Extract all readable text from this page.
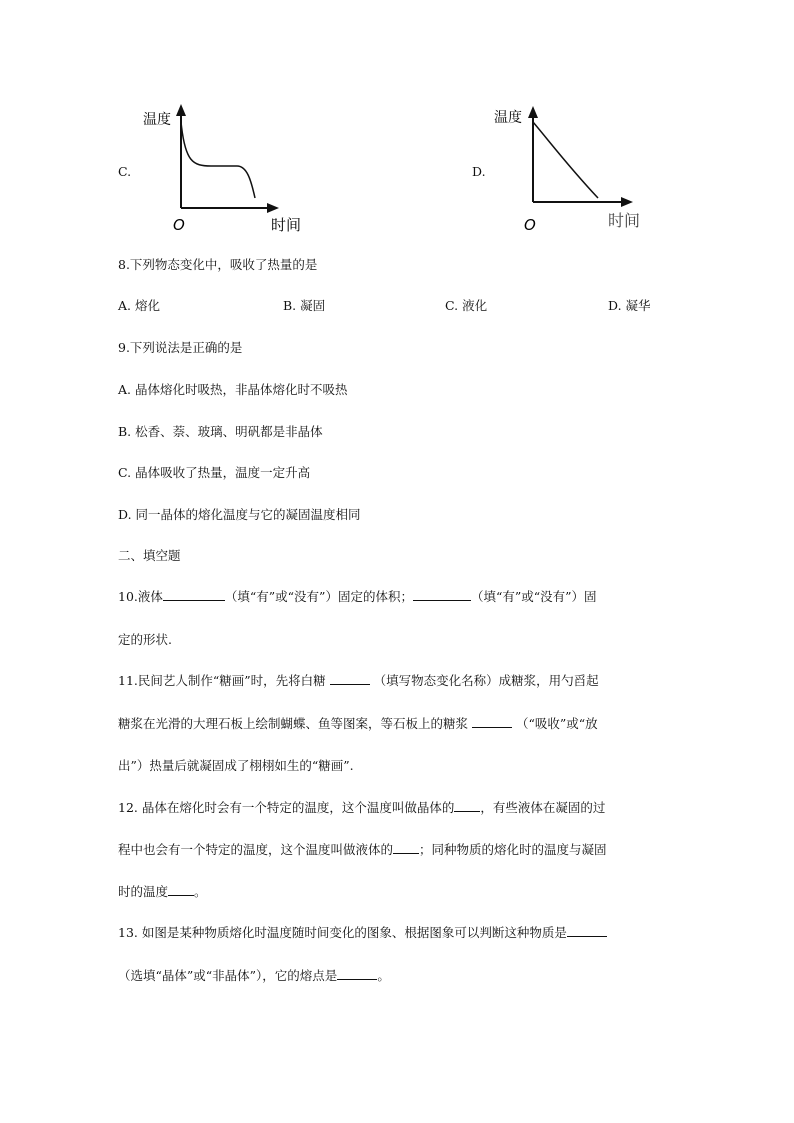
C.
温度
O	时间
D.
温度
O	时间
8.下列物态变化中，吸收了热量的是
A. 熔化	B. 凝固	C. 液化	D. 凝华
9.下列说法是正确的是
A. 晶体熔化时吸热，非晶体熔化时不吸热
B. 松香、萘、玻璃、明矾都是非晶体
C. 晶体吸收了热量，温度一定升高
D. 同一晶体的熔化温度与它的凝固温度相同
二、填空题
10.液体	（填“有”或“没有”）固定的体积；	（填“有”或“没有”）固
定的形状.
11.民间艺人制作“糖画”时，先将白糖	（填写物态变化名称）成糖浆，用勺舀起
糖浆在光滑的大理石板上绘制蝴蝶、鱼等图案，等石板上的糖浆	（“吸收”或“放
出”）热量后就凝固成了栩栩如生的“糖画”.
12. 晶体在熔化时会有一个特定的温度，这个温度叫做晶体的 ，有些液体在凝固的过
程中也会有一个特定的温度，这个温度叫做液体的 ；同种物质的熔化时的温度与凝固
时的温度 。
13. 如图是某种物质熔化时温度随时间变化的图象、根据图象可以判断这种物质是
（选填“晶体”或“非晶体”），它的熔点是	。
